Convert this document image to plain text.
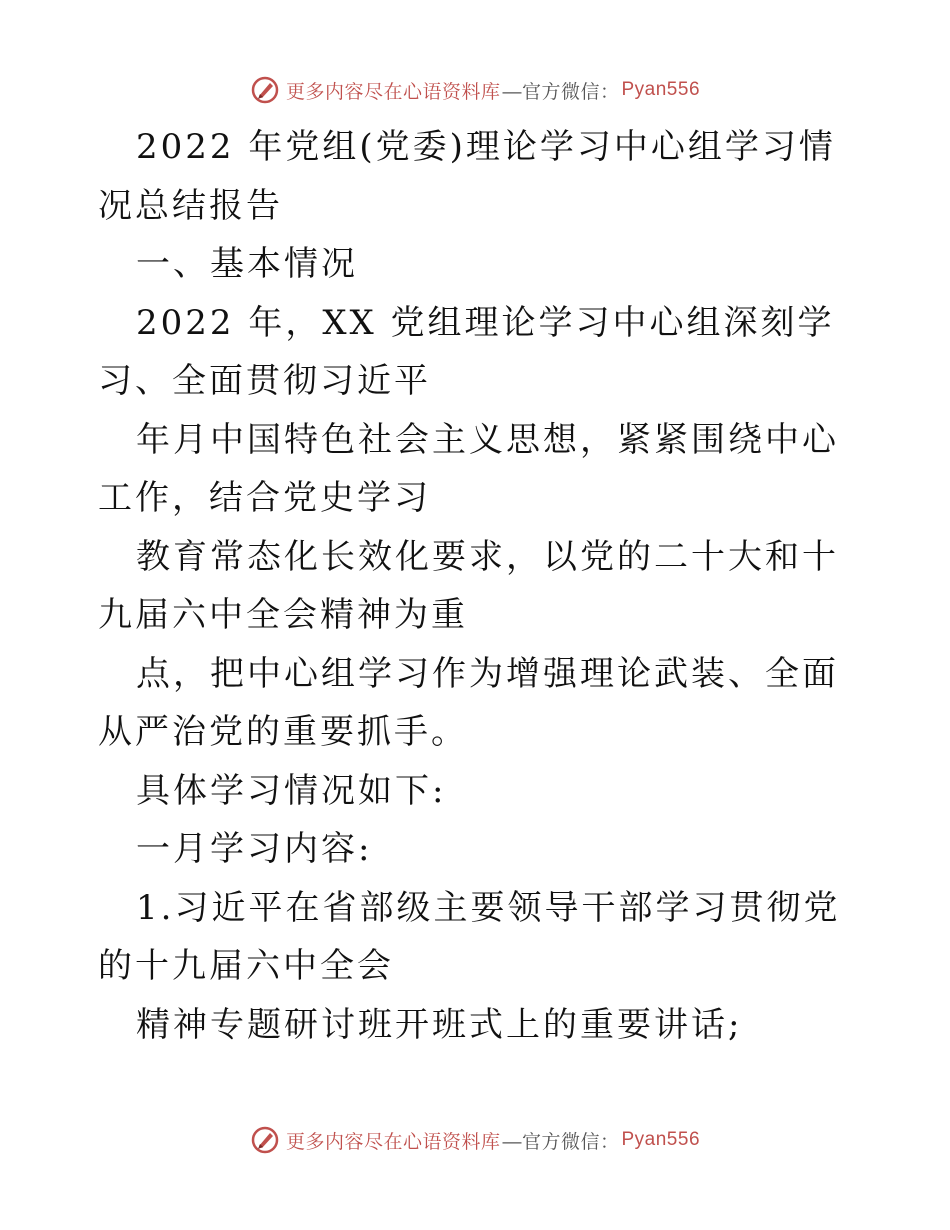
更多内容尽在心语资料库 —官方微信： Pyan556

2022 年党组(党委)理论学习中心组学习情况总结报告

一、基本情况

2022 年，XX 党组理论学习中心组深刻学习、全面贯彻习近平

年月中国特色社会主义思想，紧紧围绕中心工作，结合党史学习

教育常态化长效化要求，以党的二十大和十九届六中全会精神为重

点，把中心组学习作为增强理论武装、全面从严治党的重要抓手。

具体学习情况如下:

一月学习内容:

1.习近平在省部级主要领导干部学习贯彻党的十九届六中全会

精神专题研讨班开班式上的重要讲话;

更多内容尽在心语资料库 —官方微信： Pyan556
